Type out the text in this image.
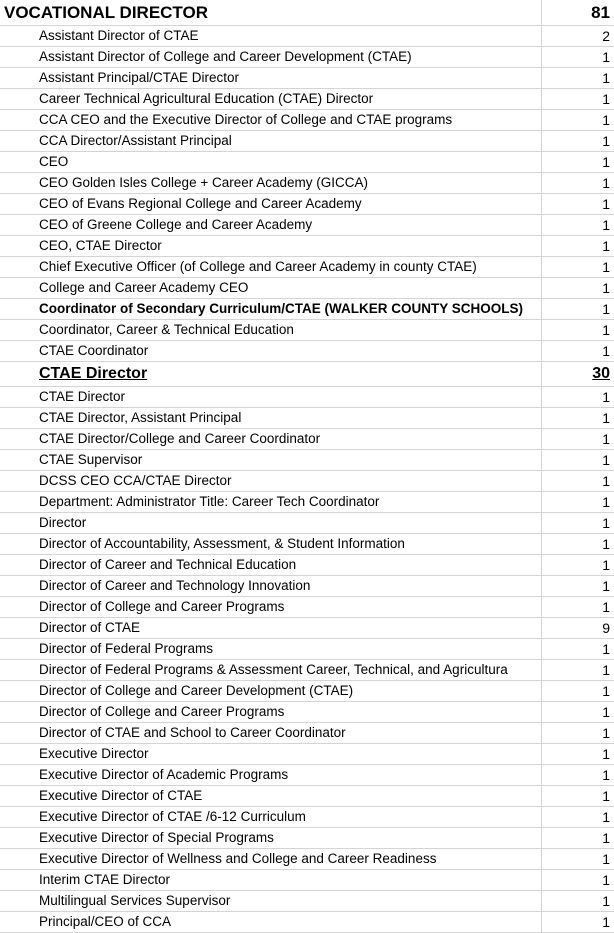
VOCATIONAL DIRECTOR	81
Assistant Director of CTAE	2
Assistant Director of College and Career Development (CTAE)	1
Assistant Principal/CTAE Director	1
Career Technical Agricultural Education (CTAE) Director	1
CCA CEO and the Executive Director of College and CTAE programs	1
CCA Director/Assistant Principal	1
CEO	1
CEO Golden Isles College + Career Academy (GICCA)	1
CEO of Evans Regional College and Career Academy	1
CEO of Greene College and Career Academy	1
CEO, CTAE Director	1
Chief Executive Officer (of College and Career Academy in county CTAE)	1
College and Career Academy CEO	1
Coordinator of Secondary Curriculum/CTAE (WALKER COUNTY SCHOOLS)	1
Coordinator, Career & Technical Education	1
CTAE Coordinator	1
CTAE Director	30
CTAE Director	1
CTAE Director, Assistant Principal	1
CTAE Director/College and Career Coordinator	1
CTAE Supervisor	1
DCSS CEO CCA/CTAE Director	1
Department: Administrator Title: Career Tech Coordinator	1
Director	1
Director of Accountability, Assessment, & Student Information	1
Director of Career and Technical Education	1
Director of Career and Technology Innovation	1
Director of College and Career Programs	1
Director of CTAE	9
Director of Federal Programs	1
Director of Federal Programs & Assessment Career, Technical, and Agricultura	1
Director of College and Career Development (CTAE)	1
Director of College and Career Programs	1
Director of CTAE and School to Career Coordinator	1
Executive Director	1
Executive Director of Academic Programs	1
Executive Director of CTAE	1
Executive Director of CTAE /6-12 Curriculum	1
Executive Director of Special Programs	1
Executive Director of Wellness and College and Career Readiness	1
Interim CTAE Director	1
Multilingual Services Supervisor	1
Principal/CEO of CCA	1
